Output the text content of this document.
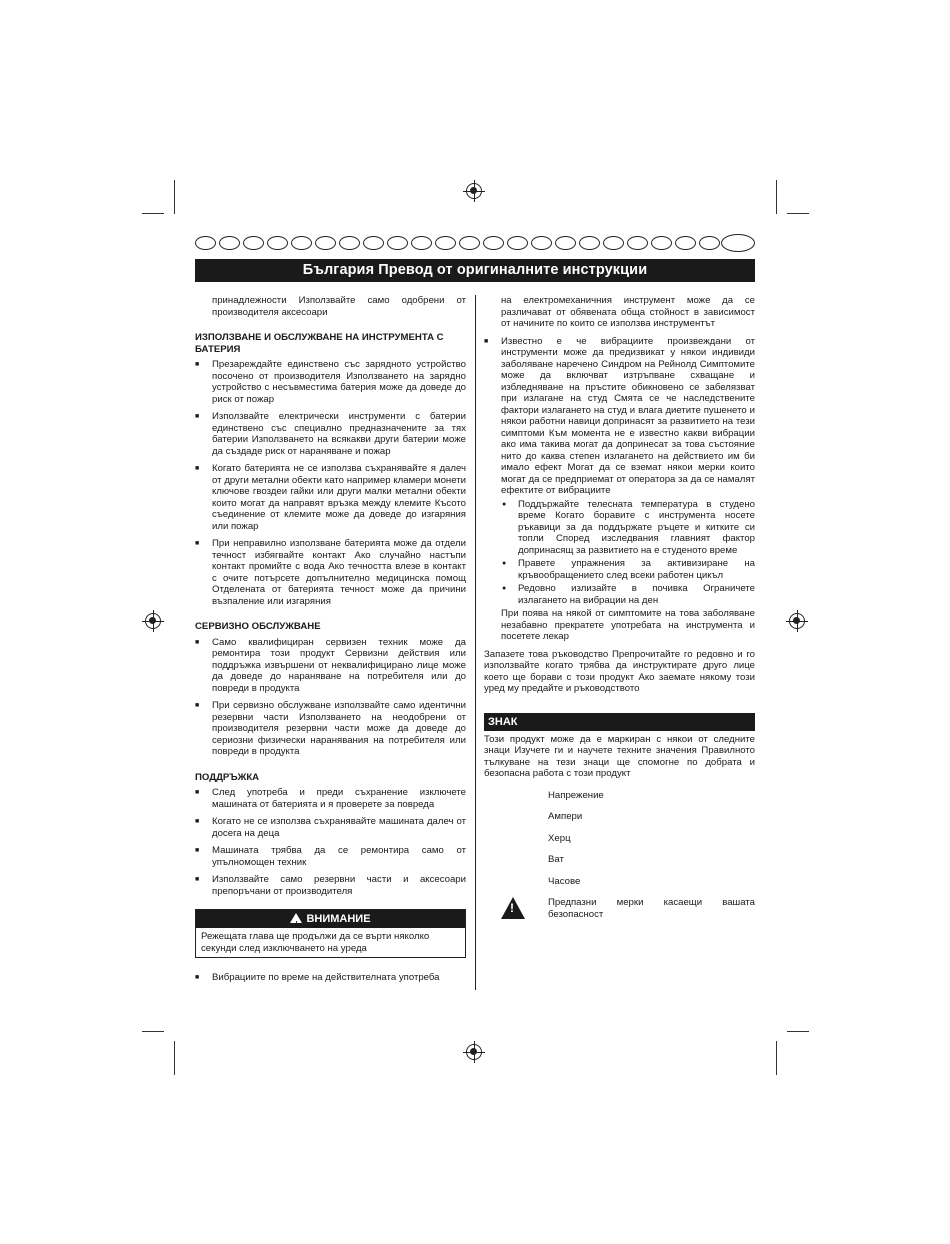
България Превод от оригиналните инструкции

принадлежности Използвайте само одобрени от производителя аксесоари

ИЗПОЛЗВАНЕ И ОБСЛУЖВАНЕ НА ИНСТРУМЕНТА С БАТЕРИЯ
■ Презареждайте единствено със зарядното устройство посочено от производителя Използването на зарядно устройство с несъвместима батерия може да доведе до риск от пожар
■ Използвайте електрически инструменти с батерии единствено със специално предназначените за тях батерии Използването на всякакви други батерии може да създаде риск от нараняване и пожар
■ Когато батерията не се използва съхранявайте я далеч от други метални обекти като например кламери монети ключове гвоздеи гайки или други малки метални обекти които могат да направят връзка между клемите Късото съединение от клемите може да доведе до изгаряния или пожар
■ При неправилно използване батерията може да отдели течност избягвайте контакт Ако случайно настъпи контакт промийте с вода Ако течността влезе в контакт с очите потърсете допълнително медицинска помощ Отделената от батерията течност може да причини възпаление или изгаряния
СЕРВИЗНО ОБСЛУЖВАНЕ
■ Само квалифициран сервизен техник може да ремонтира този продукт Сервизни действия или поддръжка извършени от неквалифицирано лице може да доведе до нараняване на потребителя или до повреди в продукта
■ При сервизно обслужване използвайте само идентични резервни части Използването на неодобрени от производителя резервни части може да доведе до сериозни физически наранявания на потребителя или повреди в продукта
ПОДДРЪЖКА
■ След употреба и преди съхранение изключете машината от батерията и я проверете за повреда
■ Когато не се използва съхранявайте машината далеч от досега на деца
■ Машината трябва да се ремонтира само от упълномощен техник
■ Използвайте само резервни части и аксесоари препоръчани от производителя
! ВНИМАНИЕ
Режещата глава ще продължи да се върти няколко секунди след изключването на уреда
■ Вибрациите по време на действителната употреба

на електромеханичния инструмент може да се различават от обявената обща стойност в зависимост от начините по които се използва инструментът

■ Известно е че вибрациите произвеждани от инструменти може да предизвикат у някои индивиди заболяване наречено Синдром на Рейнолд Симптомите може да включват изтръпване схващане и избледняване на пръстите обикновено се забелязват при излагане на студ Смята се че наследствените фактори излагането на студ и влага диетите пушенето и някои работни навици допринасят за развитието на тези симптоми Към момента не е известно какви вибрации ако има такива могат да допринесат за това състояние нито до каква степен излагането на действието им би имало ефект Могат да се вземат някои мерки които могат да се предприемат от оператора за да се намалят ефектите от вибрациите
● Поддържайте телесната температура в студено време Когато боравите с инструмента носете ръкавици за да поддържате ръцете и китките си топли Според изследвания главният фактор допринасящ за развитието на е студеното време
● Правете упражнения за активизиране на кръвообращението след всеки работен цикъл
● Редовно излизайте в почивка Ограничете излагането на вибрации на ден

При поява на някой от симптомите на това заболяване незабавно прекратете употребата на инструмента и посетете лекар

Запазете това ръководство Препрочитайте го редовно и го използвайте когато трябва да инструктирате друго лице което ще борави с този продукт Ако заемате някому този уред му предайте и ръководството

ЗНАК

Този продукт може да е маркиран с някои от следните знаци Изучете ги и научете техните значения Правилното тълкуване на тези знаци ще спомогне по добрата и безопасна работа с този продукт

Напрежение
Ампери
Херц
Ват
Часове
!	Предпазни мерки касаещи вашата безопасност
